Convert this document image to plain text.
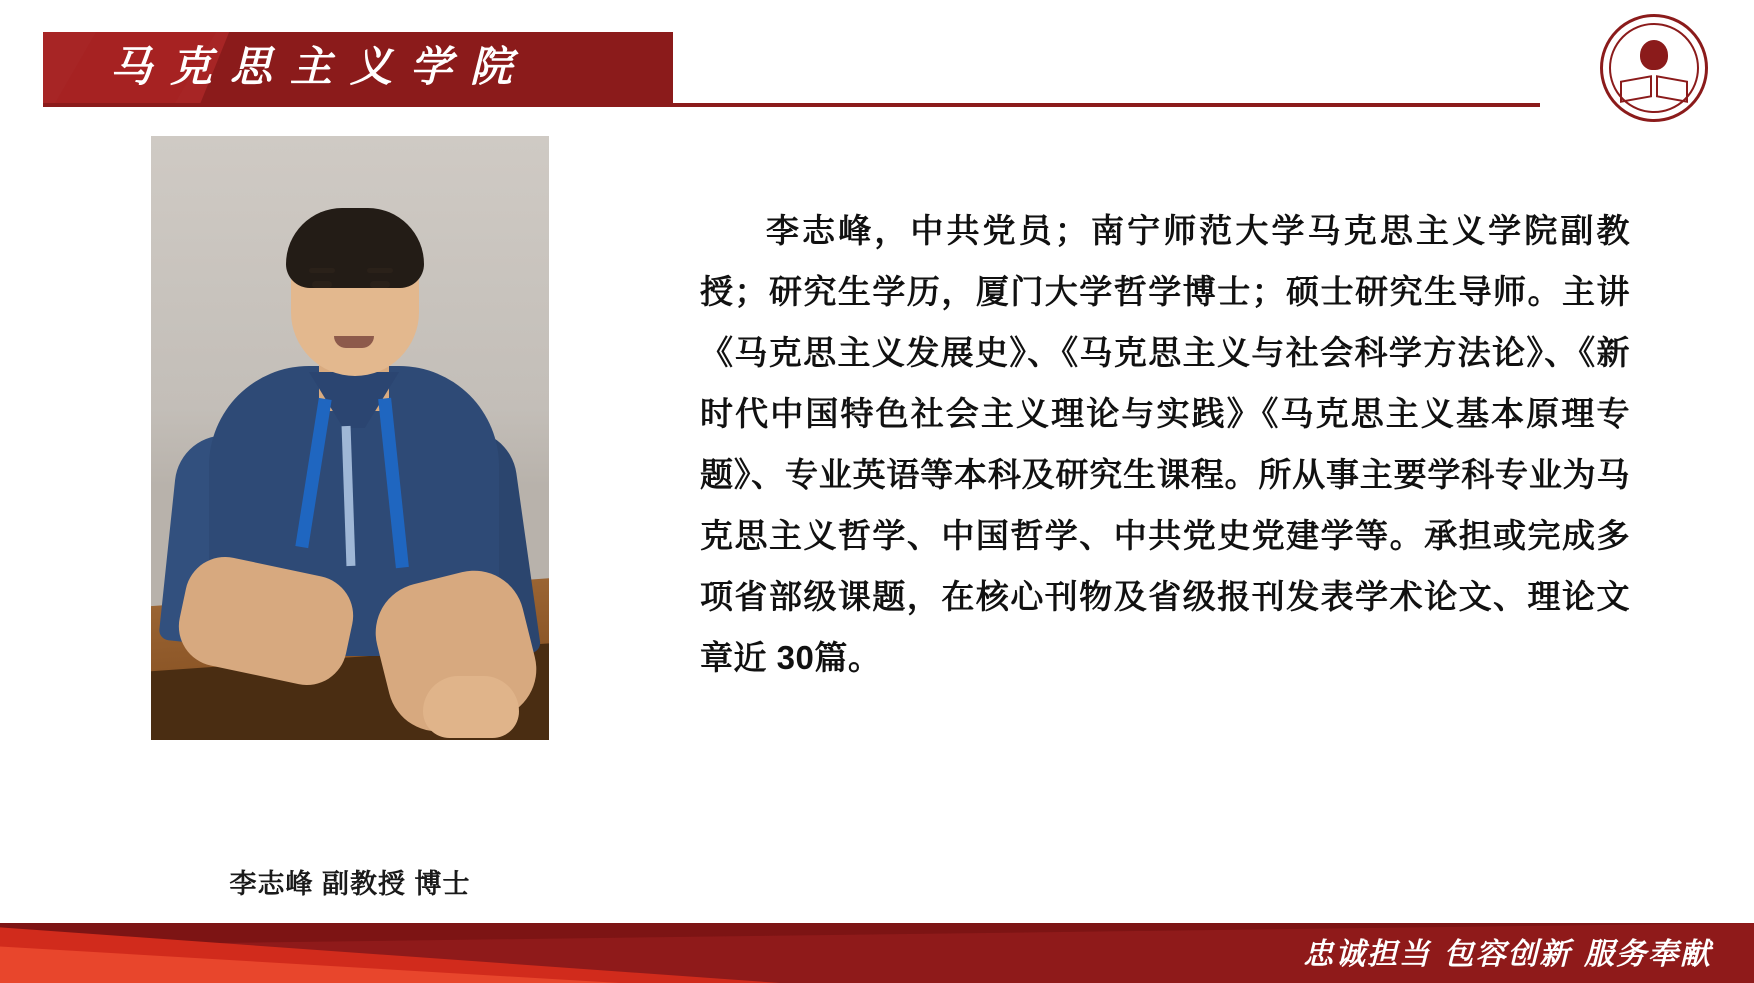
马克思主义学院
李志峰 副教授 博士
李志峰，中共党员；南宁师范大学马克思主义学院副教授；研究生学历，厦门大学哲学博士；硕士研究生导师。主讲《马克思主义发展史》、《马克思主义与社会科学方法论》、《新时代中国特色社会主义理论与实践》《马克思主义基本原理专题》、专业英语等本科及研究生课程。所从事主要学科专业为马克思主义哲学、中国哲学、中共党史党建学等。承担或完成多项省部级课题，在核心刊物及省级报刊发表学术论文、理论文章近 30篇。
忠诚担当 包容创新 服务奉献
